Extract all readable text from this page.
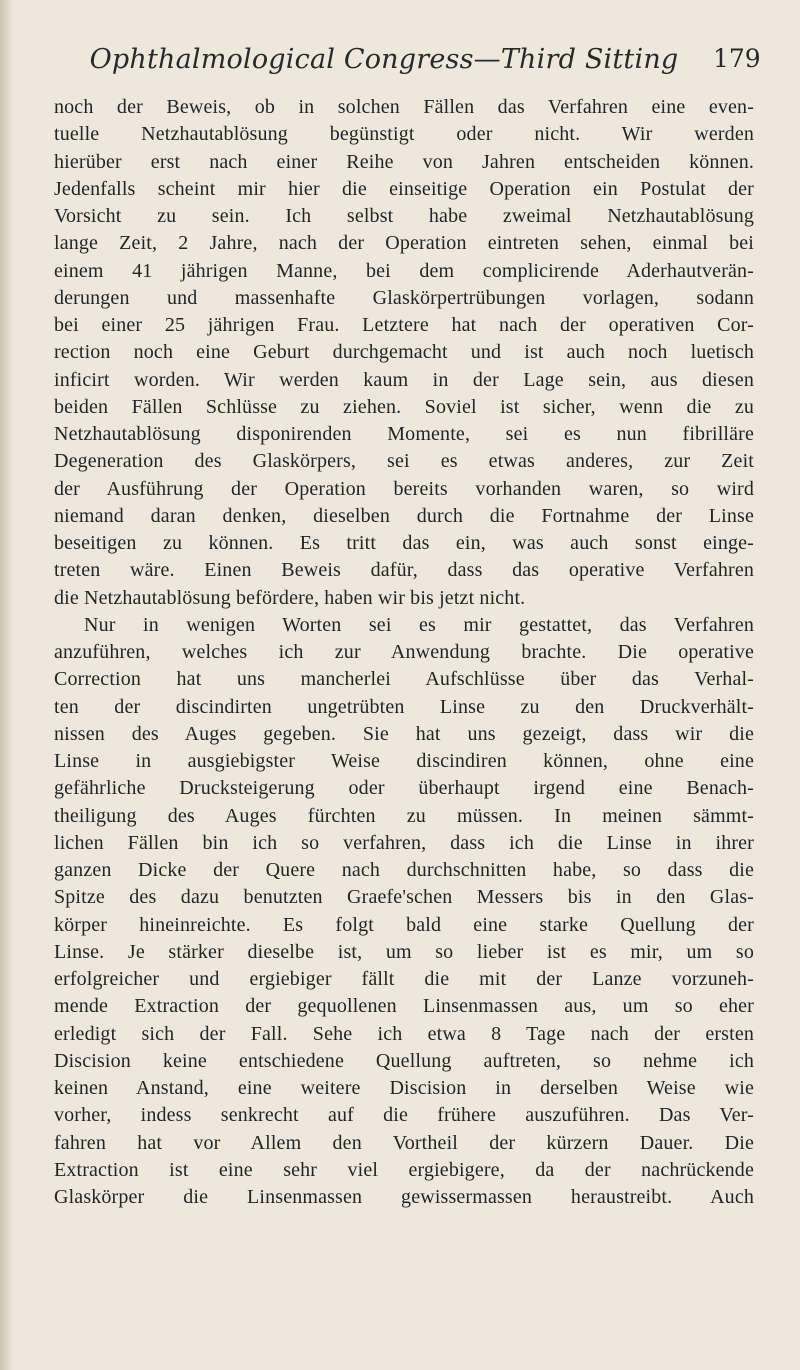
Ophthalmological Congress—Third Sitting	179
noch der Beweis, ob in solchen Fällen das Verfahren eine even-
tuelle Netzhautablösung begünstigt oder nicht. Wir werden
hierüber erst nach einer Reihe von Jahren entscheiden können.
Jedenfalls scheint mir hier die einseitige Operation ein Postulat der
Vorsicht zu sein. Ich selbst habe zweimal Netzhautablösung
lange Zeit, 2 Jahre, nach der Operation eintreten sehen, einmal bei
einem 41 jährigen Manne, bei dem complicirende Aderhautverän-
derungen und massenhafte Glaskörpertrübungen vorlagen, sodann
bei einer 25 jährigen Frau. Letztere hat nach der operativen Cor-
rection noch eine Geburt durchgemacht und ist auch noch luetisch
inficirt worden. Wir werden kaum in der Lage sein, aus diesen
beiden Fällen Schlüsse zu ziehen. Soviel ist sicher, wenn die zu
Netzhautablösung disponirenden Momente, sei es nun fibrilläre
Degeneration des Glaskörpers, sei es etwas anderes, zur Zeit
der Ausführung der Operation bereits vorhanden waren, so wird
niemand daran denken, dieselben durch die Fortnahme der Linse
beseitigen zu können. Es tritt das ein, was auch sonst einge-
treten wäre. Einen Beweis dafür, dass das operative Verfahren
die Netzhautablösung befördere, haben wir bis jetzt nicht.
Nur in wenigen Worten sei es mir gestattet, das Verfahren
anzuführen, welches ich zur Anwendung brachte. Die operative
Correction hat uns mancherlei Aufschlüsse über das Verhal-
ten der discindirten ungetrübten Linse zu den Druckverhält-
nissen des Auges gegeben. Sie hat uns gezeigt, dass wir die
Linse in ausgiebigster Weise discindiren können, ohne eine
gefährliche Drucksteigerung oder überhaupt irgend eine Benach-
theiligung des Auges fürchten zu müssen. In meinen sämmt-
lichen Fällen bin ich so verfahren, dass ich die Linse in ihrer
ganzen Dicke der Quere nach durchschnitten habe, so dass die
Spitze des dazu benutzten Graefe'schen Messers bis in den Glas-
körper hineinreichte. Es folgt bald eine starke Quellung der
Linse. Je stärker dieselbe ist, um so lieber ist es mir, um so
erfolgreicher und ergiebiger fällt die mit der Lanze vorzuneh-
mende Extraction der gequollenen Linsenmassen aus, um so eher
erledigt sich der Fall. Sehe ich etwa 8 Tage nach der ersten
Discision keine entschiedene Quellung auftreten, so nehme ich
keinen Anstand, eine weitere Discision in derselben Weise wie
vorher, indess senkrecht auf die frühere auszuführen. Das Ver-
fahren hat vor Allem den Vortheil der kürzern Dauer. Die
Extraction ist eine sehr viel ergiebigere, da der nachrückende
Glaskörper die Linsenmassen gewissermassen heraustreibt. Auch
